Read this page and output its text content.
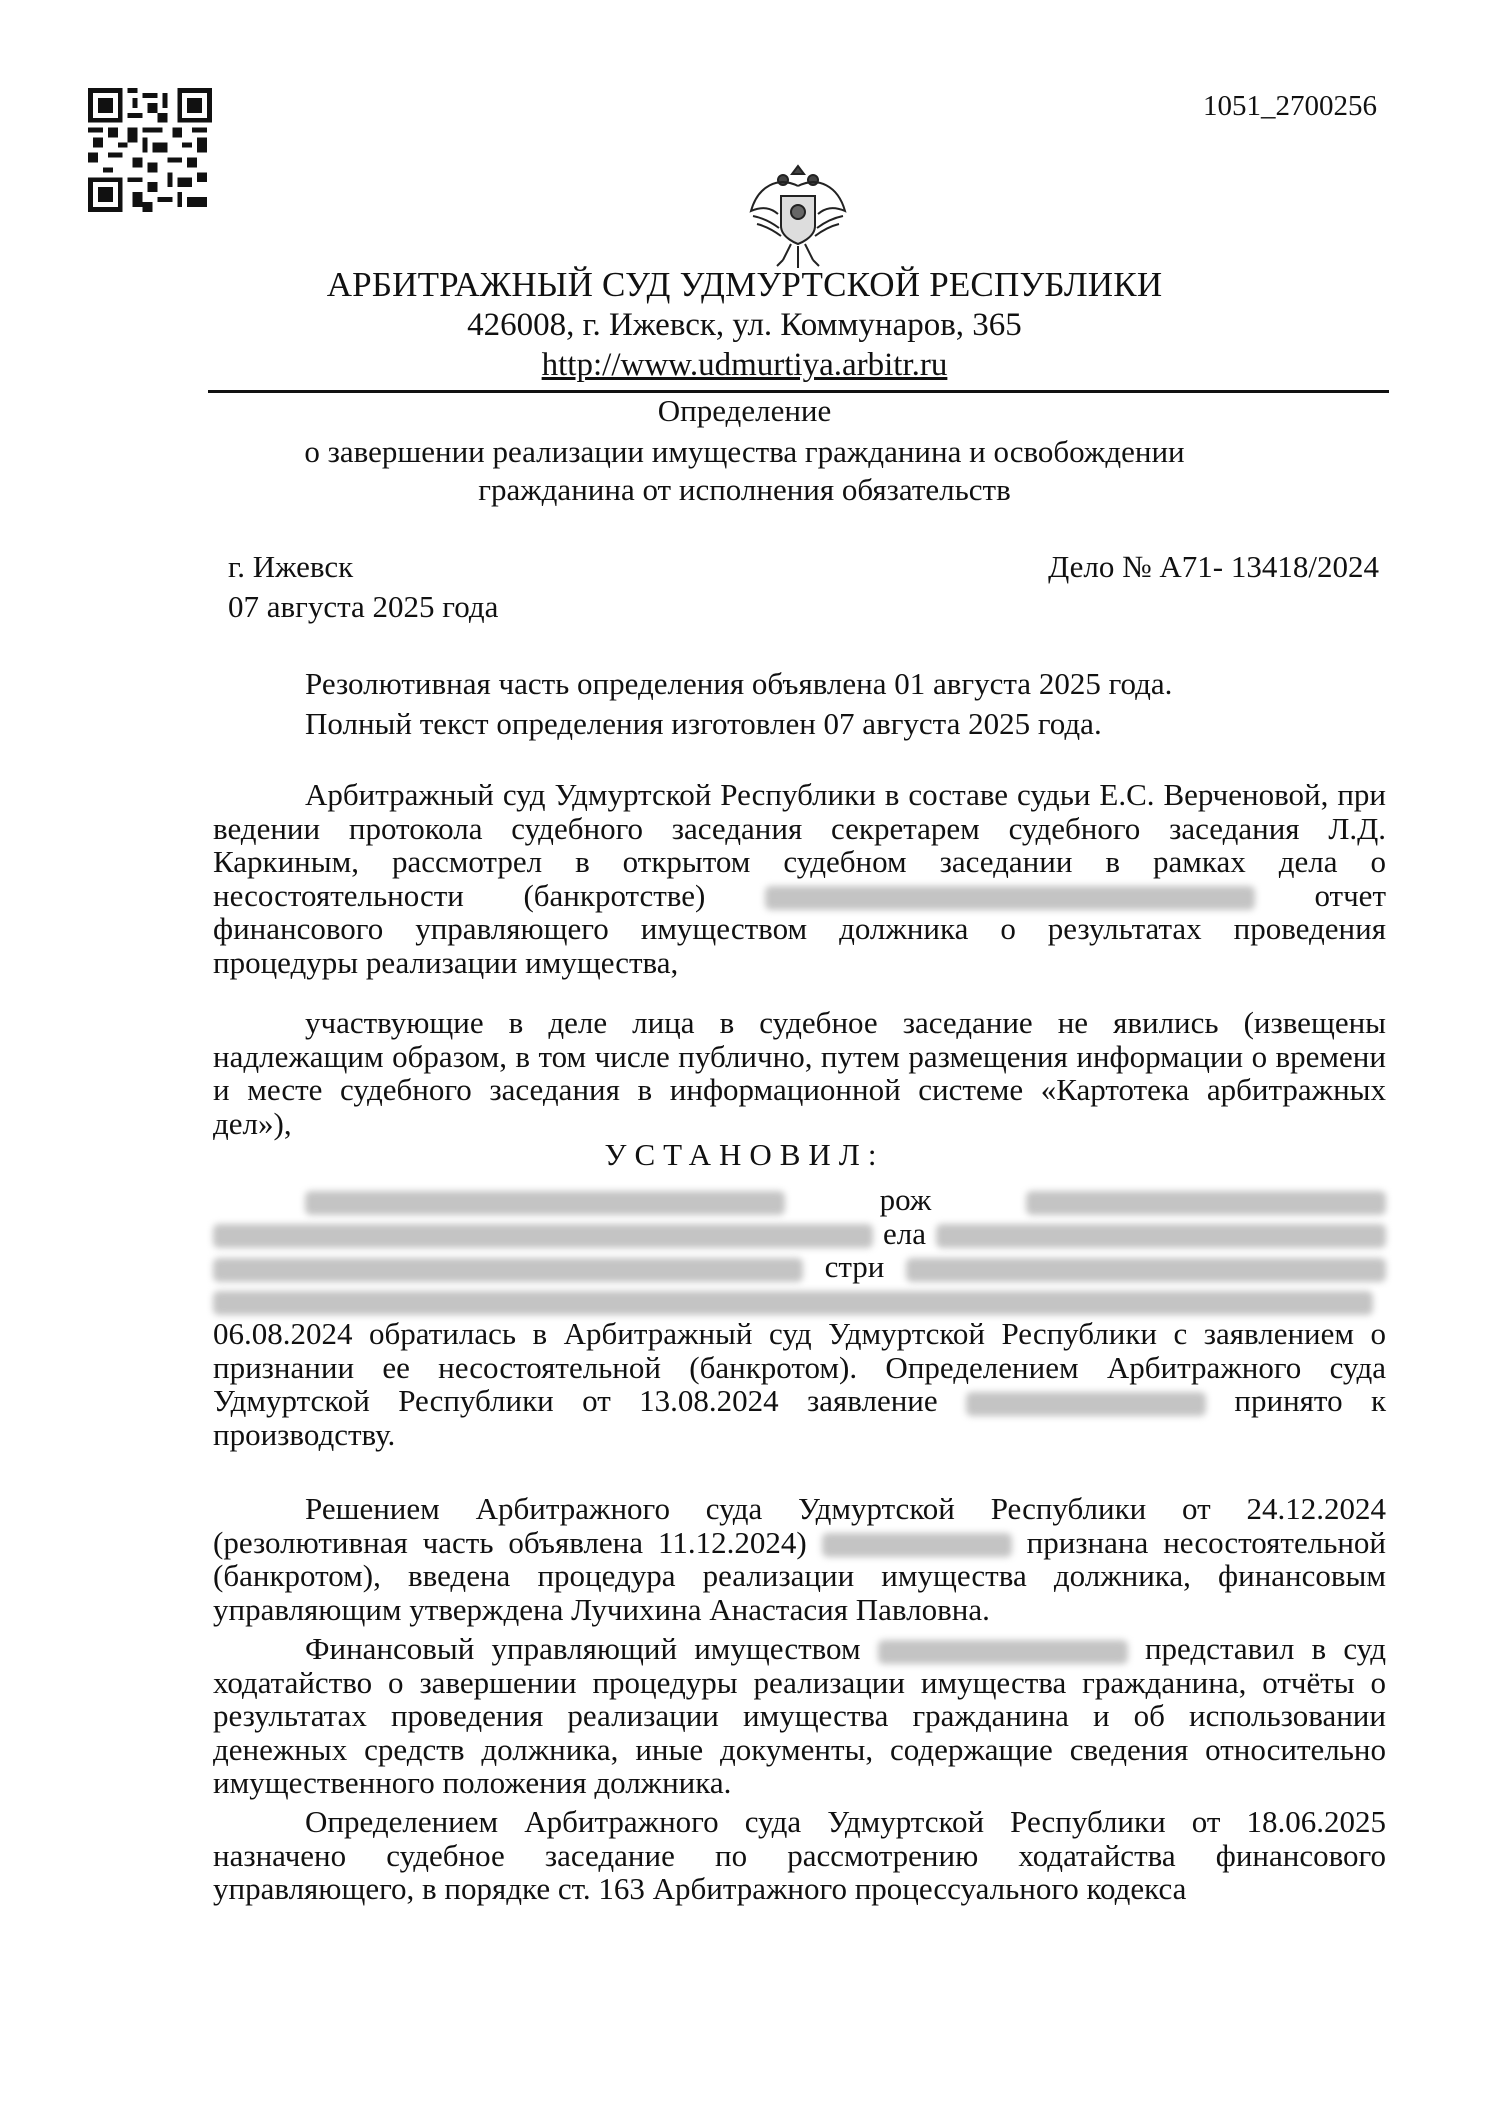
1051_2700256
АРБИТРАЖНЫЙ СУД УДМУРТСКОЙ РЕСПУБЛИКИ
426008, г. Ижевск, ул. Коммунаров, 365
http://www.udmurtiya.arbitr.ru
Определение
о завершении реализации имущества гражданина и освобождении
гражданина от исполнения обязательств
г. Ижевск
07 августа 2025 года
Дело № А71- 13418/2024
Резолютивная часть определения объявлена 01 августа 2025 года.
Полный текст определения изготовлен 07 августа 2025 года.
Арбитражный суд Удмуртской Республики в составе судьи Е.С. Верченовой, при ведении протокола судебного заседания секретарем судебного заседания Л.Д. Каркиным, рассмотрел в открытом судебном заседании в рамках дела о несостоятельности (банкротстве)	отчет финансового управляющего имуществом должника о результатах проведения процедуры реализации имущества,
участвующие в деле лица в судебное заседание не явились (извещены надлежащим образом, в том числе публично, путем размещения информации о времени и месте судебного заседания в информационной системе «Картотека арбитражных дел»),
УСТАНОВИЛ:
рож   ела   стри   06.08.2024 обратилась в Арбитражный суд Удмуртской Республики с заявлением о признании ее несостоятельной (банкротом). Определением Арбитражного суда Удмуртской Республики от 13.08.2024 заявление	принято к производству.
Решением Арбитражного суда Удмуртской Республики от 24.12.2024 (резолютивная часть объявлена 11.12.2024)	признана несостоятельной (банкротом), введена процедура реализации имущества должника, финансовым управляющим утверждена Лучихина Анастасия Павловна.
Финансовый управляющий имуществом	представил в суд ходатайство о завершении процедуры реализации имущества гражданина, отчёты о результатах проведения реализации имущества гражданина и об использовании денежных средств должника, иные документы, содержащие сведения относительно имущественного положения должника.
Определением Арбитражного суда Удмуртской Республики от 18.06.2025 назначено судебное заседание по рассмотрению ходатайства финансового управляющего, в порядке ст. 163 Арбитражного процессуального кодекса
